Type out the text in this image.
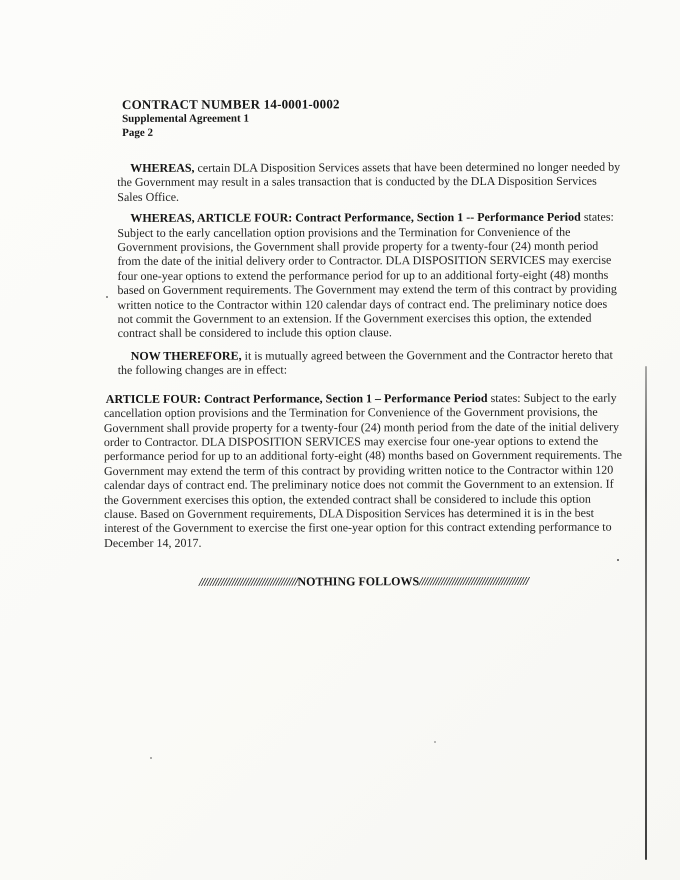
CONTRACT NUMBER 14-0001-0002
Supplemental Agreement 1
Page 2

WHEREAS, certain DLA Disposition Services assets that have been determined no longer needed by the Government may result in a sales transaction that is conducted by the DLA Disposition Services Sales Office.

WHEREAS, ARTICLE FOUR: Contract Performance, Section 1 -- Performance Period states: Subject to the early cancellation option provisions and the Termination for Convenience of the Government provisions, the Government shall provide property for a twenty-four (24) month period from the date of the initial delivery order to Contractor. DLA DISPOSITION SERVICES may exercise four one-year options to extend the performance period for up to an additional forty-eight (48) months based on Government requirements. The Government may extend the term of this contract by providing written notice to the Contractor within 120 calendar days of contract end. The preliminary notice does not commit the Government to an extension. If the Government exercises this option, the extended contract shall be considered to include this option clause.

NOW THEREFORE, it is mutually agreed between the Government and the Contractor hereto that the following changes are in effect:

ARTICLE FOUR: Contract Performance, Section 1 – Performance Period states: Subject to the early cancellation option provisions and the Termination for Convenience of the Government provisions, the Government shall provide property for a twenty-four (24) month period from the date of the initial delivery order to Contractor. DLA DISPOSITION SERVICES may exercise four one-year options to extend the performance period for up to an additional forty-eight (48) months based on Government requirements. The Government may extend the term of this contract by providing written notice to the Contractor within 120 calendar days of contract end. The preliminary notice does not commit the Government to an extension. If the Government exercises this option, the extended contract shall be considered to include this option clause. Based on Government requirements, DLA Disposition Services has determined it is in the best interest of the Government to exercise the first one-year option for this contract extending performance to December 14, 2017.

////////////////////////////////////NOTHING FOLLOWS////////////////////////////////////////
